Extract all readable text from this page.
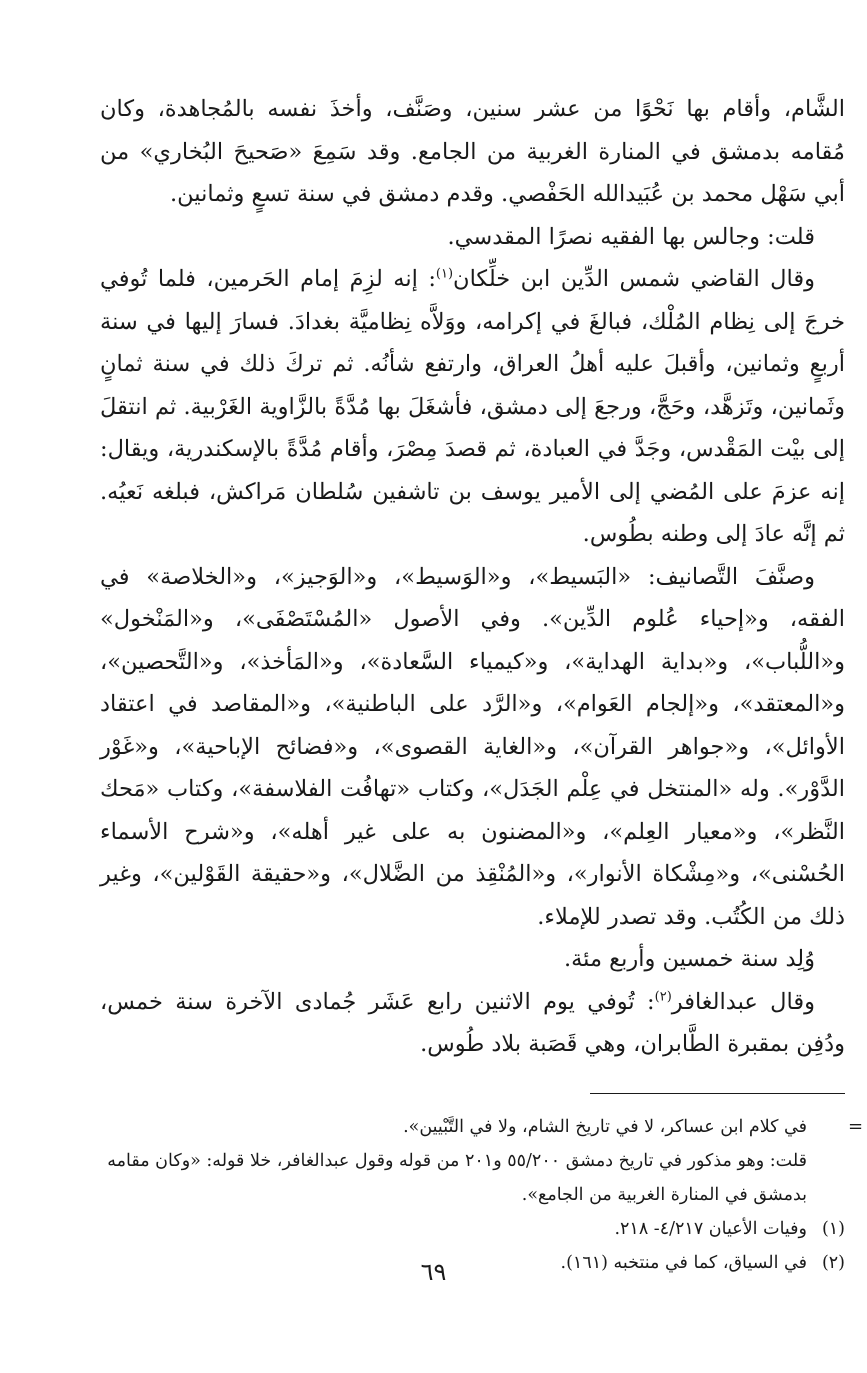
الشَّام، وأقام بها نَحْوًا من عشر سنين، وصَنَّف، وأخذَ نفسه بالمُجاهدة، وكان مُقامه بدمشق في المنارة الغربية من الجامع. وقد سَمِعَ «صَحيحَ البُخاري» من أبي سَهْل محمد بن عُبَيدالله الحَفْصي. وقدم دمشق في سنة تسعٍ وثمانين.

قلت: وجالس بها الفقيه نصرًا المقدسي.

وقال القاضي شمس الدِّين ابن خلِّكان$^{(١)}$: إنه لزِمَ إمام الحَرمين، فلما تُوفي خرجَ إلى نِظام المُلْك، فبالغَ في إكرامه، ووَلاَّه نِظاميَّة بغدادَ. فسارَ إليها في سنة أربعٍ وثمانين، وأقبلَ عليه أهلُ العراق، وارتفع شأنُه. ثم تركَ ذلك في سنة ثمانٍ وثَمانين، وتَزهَّد، وحَجَّ، ورجعَ إلى دمشق، فأشغَلَ بها مُدَّةً بالزَّاوية الغَرْبية. ثم انتقلَ إلى بيْت المَقْدس، وجَدَّ في العبادة، ثم قصدَ مِصْرَ، وأقام مُدَّةً بالإسكندرية، ويقال: إنه عزمَ على المُضي إلى الأمير يوسف بن تاشفين سُلطان مَراكش، فبلغه نَعيُه. ثم إنَّه عادَ إلى وطنه بطُوس.

وصنَّفَ التَّصانيف: «البَسيط»، و«الوَسيط»، و«الوَجيز»، و«الخلاصة» في الفقه، و«إحياء عُلوم الدِّين». وفي الأصول «المُسْتَصْفَى»، و«المَنْخول» و«اللُّباب»، و«بداية الهداية»، و«كيمياء السَّعادة»، و«المَأخذ»، و«التَّحصين»، و«المعتقد»، و«إلجام العَوام»، و«الرَّد على الباطنية»، و«المقاصد في اعتقاد الأوائل»، و«جواهر القرآن»، و«الغاية القصوى»، و«فضائح الإباحية»، و«غَوْر الدَّوْر». وله «المنتخل في عِلْم الجَدَل»، وكتاب «تهافُت الفلاسفة»، وكتاب «مَحك النَّظر»، و«معيار العِلم»، و«المضنون به على غير أهله»، و«شرح الأسماء الحُسْنى»، و«مِشْكاة الأنوار»، و«المُنْقِذ من الضَّلال»، و«حقيقة القَوْلين»، وغير ذلك من الكُتُب. وقد تصدر للإملاء.

وُلِد سنة خمسين وأربع مئة.

وقال عبدالغافر$^{(٢)}$: تُوفي يوم الاثنين رابع عَشَر جُمادى الآخرة سنة خمس، ودُفِن بمقبرة الطَّابران، وهي قَصَبة بلاد طُوس.

=

في كلام ابن عساكر، لا في تاريخ الشام، ولا في التَّبْيين».

قلت: وهو مذكور في تاريخ دمشق ٥٥/٢٠٠ و٢٠١ من قوله وقول عبدالغافر، خلا قوله: «وكان مقامه بدمشق في المنارة الغربية من الجامع».

(١)وفيات الأعيان ٤/٢١٧- ٢١٨.

(٢)في السياق، كما في منتخبه (١٦١).

٦٩
